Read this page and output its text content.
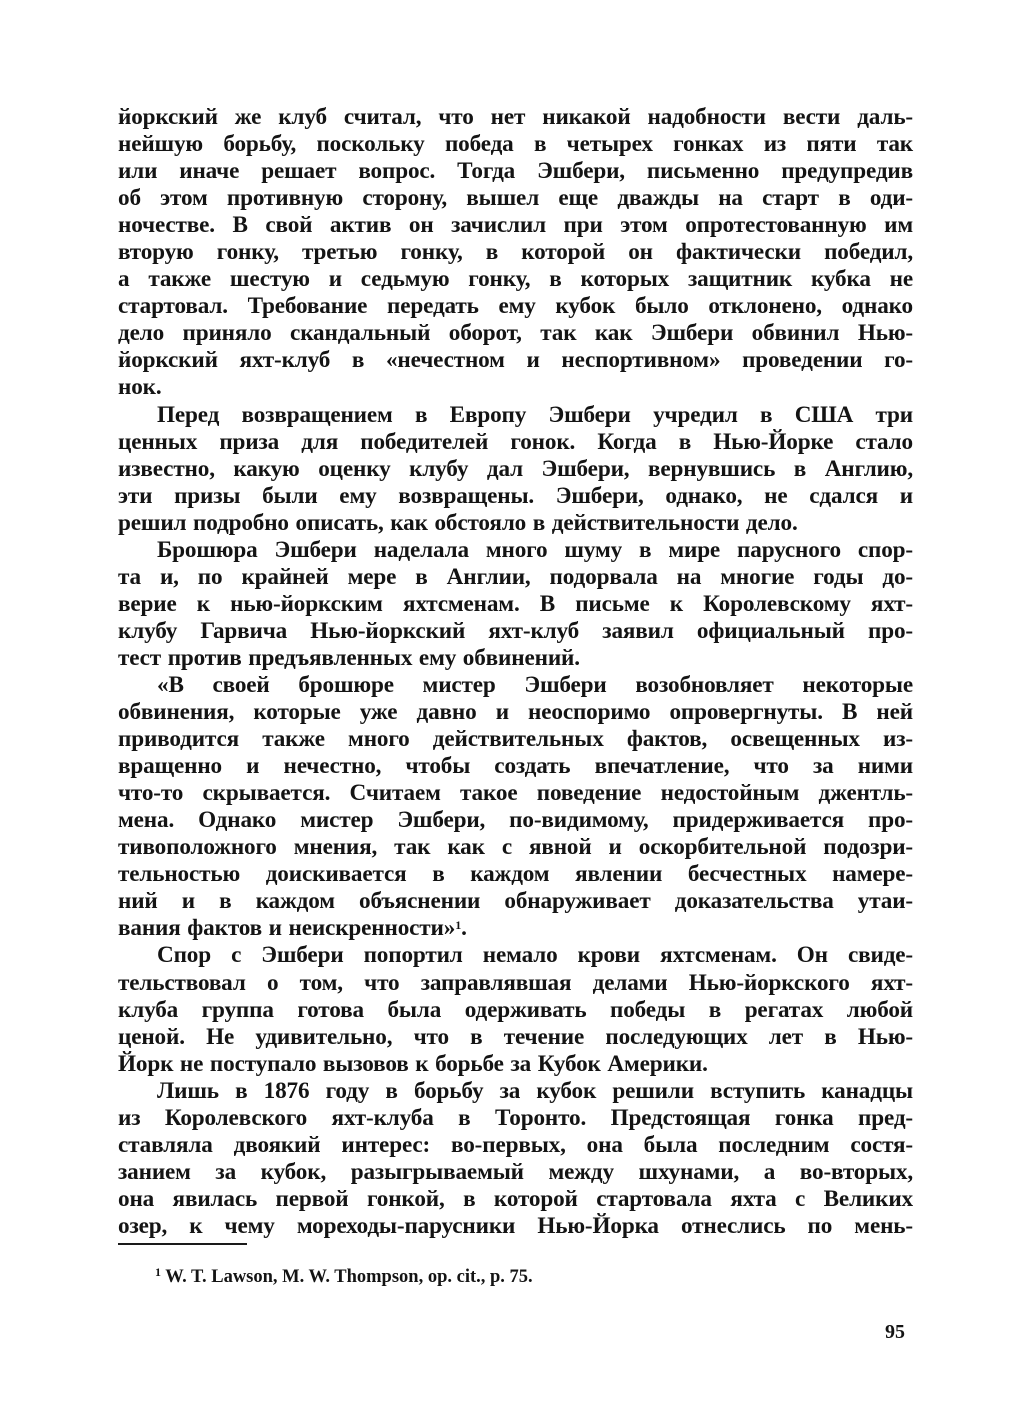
йоркский же клуб считал, что нет никакой надобности вести даль-
нейшую борьбу, поскольку победа в четырех гонках из пяти так
или иначе решает вопрос. Тогда Эшбери, письменно предупредив
об этом противную сторону, вышел еще дважды на старт в оди-
ночестве. В свой актив он зачислил при этом опротестованную им
вторую гонку, третью гонку, в которой он фактически победил,
а также шестую и седьмую гонку, в которых защитник кубка не
стартовал. Требование передать ему кубок было отклонено, однако
дело приняло скандальный оборот, так как Эшбери обвинил Нью-
йоркский яхт-клуб в «нечестном и неспортивном» проведении го-
нок.
Перед возвращением в Европу Эшбери учредил в США три
ценных приза для победителей гонок. Когда в Нью-Йорке стало
известно, какую оценку клубу дал Эшбери, вернувшись в Англию,
эти призы были ему возвращены. Эшбери, однако, не сдался и
решил подробно описать, как обстояло в действительности дело.
Брошюра Эшбери наделала много шуму в мире парусного спор-
та и, по крайней мере в Англии, подорвала на многие годы до-
верие к нью-йоркским яхтсменам. В письме к Королевскому яхт-
клубу Гарвича Нью-йоркский яхт-клуб заявил официальный про-
тест против предъявленных ему обвинений.
«В своей брошюре мистер Эшбери возобновляет некоторые
обвинения, которые уже давно и неоспоримо опровергнуты. В ней
приводится также много действительных фактов, освещенных из-
вращенно и нечестно, чтобы создать впечатление, что за ними
что-то скрывается. Считаем такое поведение недостойным джентль-
мена. Однако мистер Эшбери, по-видимому, придерживается про-
тивоположного мнения, так как с явной и оскорбительной подозри-
тельностью доискивается в каждом явлении бесчестных намере-
ний и в каждом объяснении обнаруживает доказательства утаи-
вания фактов и неискренности»$^1$.
Спор с Эшбери попортил немало крови яхтсменам. Он свиде-
тельствовал о том, что заправлявшая делами Нью-йоркского яхт-
клуба группа готова была одерживать победы в регатах любой
ценой. Не удивительно, что в течение последующих лет в Нью-
Йорк не поступало вызовов к борьбе за Кубок Америки.
Лишь в 1876 году в борьбу за кубок решили вступить канадцы
из Королевского яхт-клуба в Торонто. Предстоящая гонка пред-
ставляла двоякий интерес: во-первых, она была последним состя-
занием за кубок, разыгрываемый между шхунами, а во-вторых,
она явилась первой гонкой, в которой стартовала яхта с Великих
озер, к чему мореходы-парусники Нью-Йорка отнеслись по мень-
$^1$ W. T. Lawson, M. W. Thompson, op. cit., p. 75.
95
